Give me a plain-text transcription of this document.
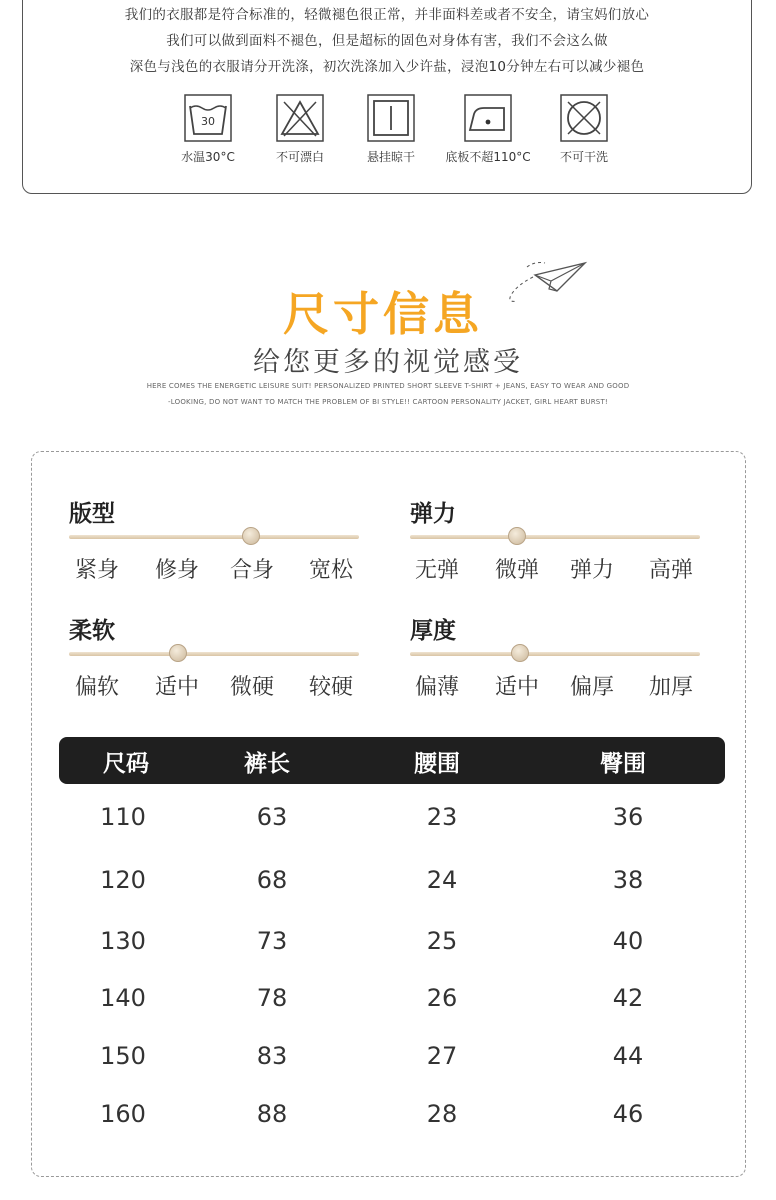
我们的衣服都是符合标准的，轻微褪色很正常，并非面料差或者不安全，请宝妈们放心
我们可以做到面料不褪色，但是超标的固色对身体有害，我们不会这么做
深色与浅色的衣服请分开洗涤，初次洗涤加入少许盐，浸泡10分钟左右可以减少褪色
30
水温30°C	不可漂白	悬挂晾干	底板不超110°C	不可干洗
尺寸信息
给您更多的视觉感受
HERE COMES THE ENERGETIC LEISURE SUIT! PERSONALIZED PRINTED SHORT SLEEVE T-SHIRT + JEANS, EASY TO WEAR AND GOOD
-LOOKING, DO NOT WANT TO MATCH THE PROBLEM OF BI STYLE!! CARTOON PERSONALITY JACKET, GIRL HEART BURST!
版型
紧身 修身 合身 宽松
弹力
无弹 微弹 弹力 高弹
柔软
偏软 适中 微硬 较硬
厚度
偏薄 适中 偏厚 加厚
尺码	裤长	腰围	臀围
110	63	23	36
120	68	24	38
130	73	25	40
140	78	26	42
150	83	27	44
160	88	28	46
